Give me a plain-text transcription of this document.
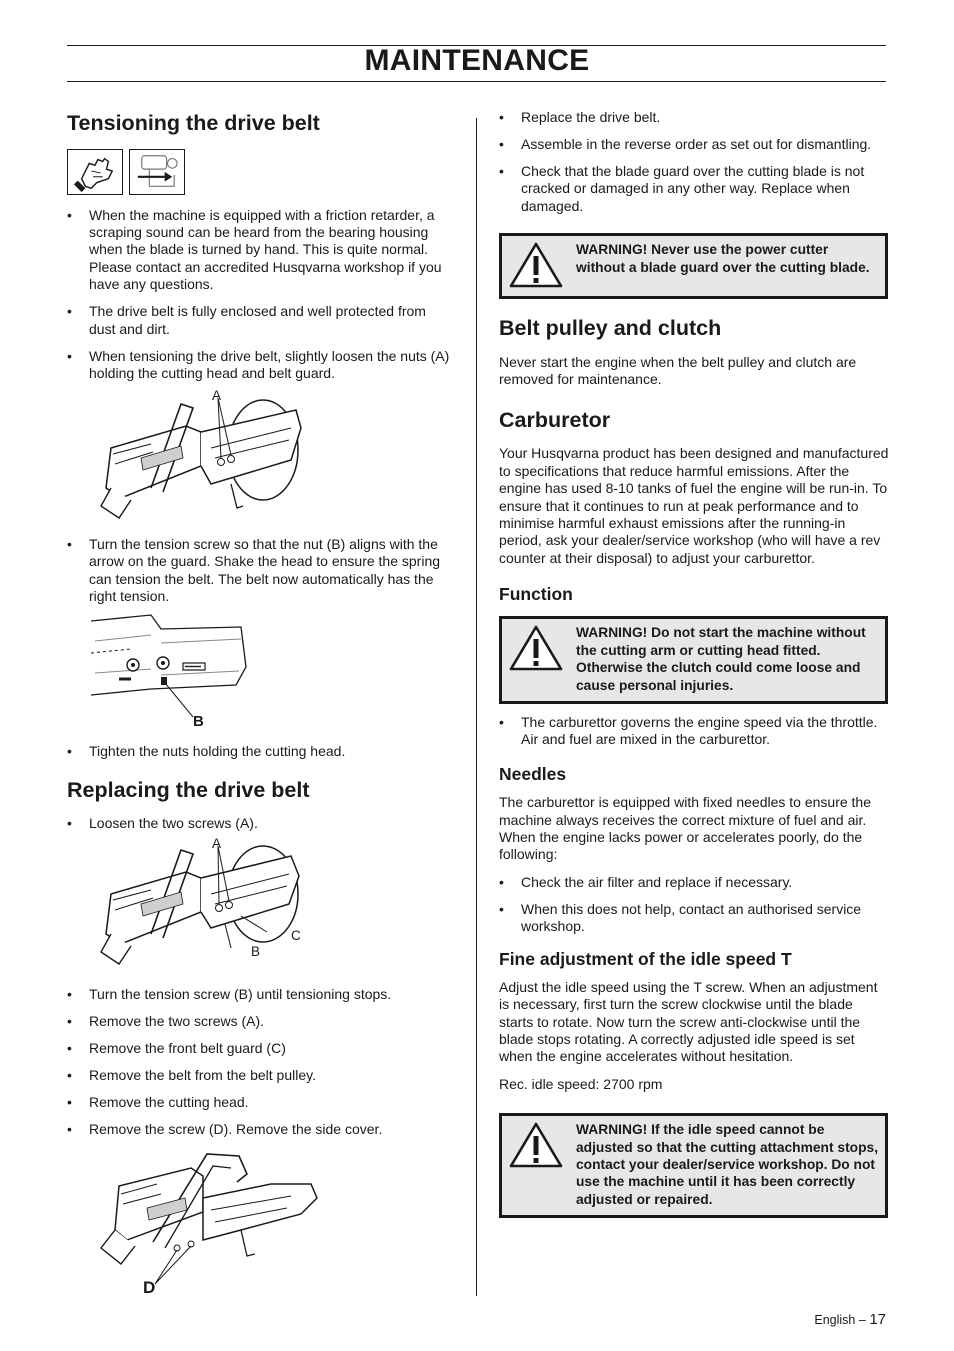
MAINTENANCE
Tensioning the drive belt
• When the machine is equipped with a friction retarder, a scraping sound can be heard from the bearing housing when the blade is turned by hand. This is quite normal. Please contact an accredited Husqvarna workshop if you have any questions.
• The drive belt is fully enclosed and well protected from dust and dirt.
• When tensioning the drive belt, slightly loosen the nuts (A) holding the cutting head and belt guard.
A
• Turn the tension screw so that the nut (B) aligns with the arrow on the guard. Shake the head to ensure the spring can tension the belt. The belt now automatically has the right tension.
B
• Tighten the nuts holding the cutting head.
Replacing the drive belt
• Loosen the two screws (A).
A
C
B
• Turn the tension screw (B) until tensioning stops.
• Remove the two screws (A).
• Remove the front belt guard (C)
• Remove the belt from the belt pulley.
• Remove the cutting head.
• Remove the screw (D). Remove the side cover.
D
• Replace the drive belt.
• Assemble in the reverse order as set out for dismantling.
• Check that the blade guard over the cutting blade is not cracked or damaged in any other way. Replace when damaged.
WARNING! Never use the power cutter without a blade guard over the cutting blade.
Belt pulley and clutch

Never start the engine when the belt pulley and clutch are removed for maintenance.

Carburetor

Your Husqvarna product has been designed and manufactured to specifications that reduce harmful emissions. After the engine has used 8-10 tanks of fuel the engine will be run-in. To ensure that it continues to run at peak performance and to minimise harmful exhaust emissions after the running-in period, ask your dealer/service workshop (who will have a rev counter at their disposal) to adjust your carburettor.

Function
WARNING! Do not start the machine without the cutting arm or cutting head fitted. Otherwise the clutch could come loose and cause personal injuries.
• The carburettor governs the engine speed via the throttle. Air and fuel are mixed in the carburettor.
Needles

The carburettor is equipped with fixed needles to ensure the machine always receives the correct mixture of fuel and air. When the engine lacks power or accelerates poorly, do the following:

• Check the air filter and replace if necessary.
• When this does not help, contact an authorised service workshop.
Fine adjustment of the idle speed T

Adjust the idle speed using the T screw. When an adjustment is necessary, first turn the screw clockwise until the blade starts to rotate. Now turn the screw anti-clockwise until the blade stops rotating. A correctly adjusted idle speed is set when the engine accelerates without hesitation.

Rec. idle speed: 2700 rpm

WARNING! If the idle speed cannot be adjusted so that the cutting attachment stops, contact your dealer/service workshop. Do not use the machine until it has been correctly adjusted or repaired.
English – 17
